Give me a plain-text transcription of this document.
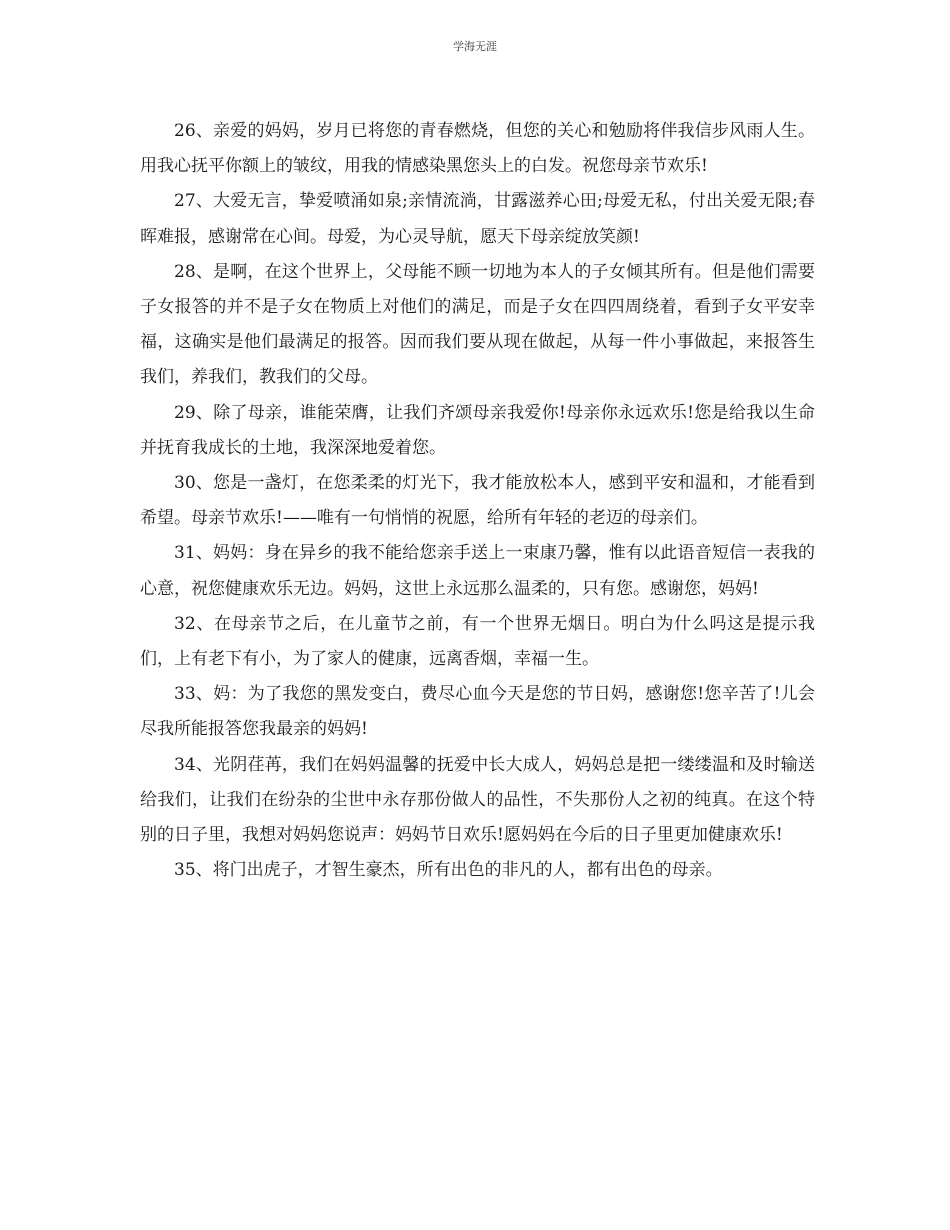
学海无涯

26、亲爱的妈妈，岁月已将您的青春燃烧，但您的关心和勉励将伴我信步风雨人生。用我心抚平你额上的皱纹，用我的情感染黑您头上的白发。祝您母亲节欢乐!

27、大爱无言，挚爱喷涌如泉;亲情流淌，甘露滋养心田;母爱无私，付出关爱无限;春晖难报，感谢常在心间。母爱，为心灵导航，愿天下母亲绽放笑颜!

28、是啊，在这个世界上，父母能不顾一切地为本人的子女倾其所有。但是他们需要子女报答的并不是子女在物质上对他们的满足，而是子女在四四周绕着，看到子女平安幸福，这确实是他们最满足的报答。因而我们要从现在做起，从每一件小事做起，来报答生我们，养我们，教我们的父母。

29、除了母亲，谁能荣膺，让我们齐颂母亲我爱你!母亲你永远欢乐!您是给我以生命并抚育我成长的土地，我深深地爱着您。

30、您是一盏灯，在您柔柔的灯光下，我才能放松本人，感到平安和温和，才能看到希望。母亲节欢乐!——唯有一句悄悄的祝愿，给所有年轻的老迈的母亲们。

31、妈妈：身在异乡的我不能给您亲手送上一束康乃馨，惟有以此语音短信一表我的心意，祝您健康欢乐无边。妈妈，这世上永远那么温柔的，只有您。感谢您，妈妈!

32、在母亲节之后，在儿童节之前，有一个世界无烟日。明白为什么吗这是提示我们，上有老下有小，为了家人的健康，远离香烟，幸福一生。

33、妈：为了我您的黑发变白，费尽心血今天是您的节日妈，感谢您!您辛苦了!儿会尽我所能报答您我最亲的妈妈!

34、光阴荏苒，我们在妈妈温馨的抚爱中长大成人，妈妈总是把一缕缕温和及时输送给我们，让我们在纷杂的尘世中永存那份做人的品性，不失那份人之初的纯真。在这个特别的日子里，我想对妈妈您说声：妈妈节日欢乐!愿妈妈在今后的日子里更加健康欢乐!

35、将门出虎子，才智生豪杰，所有出色的非凡的人，都有出色的母亲。
